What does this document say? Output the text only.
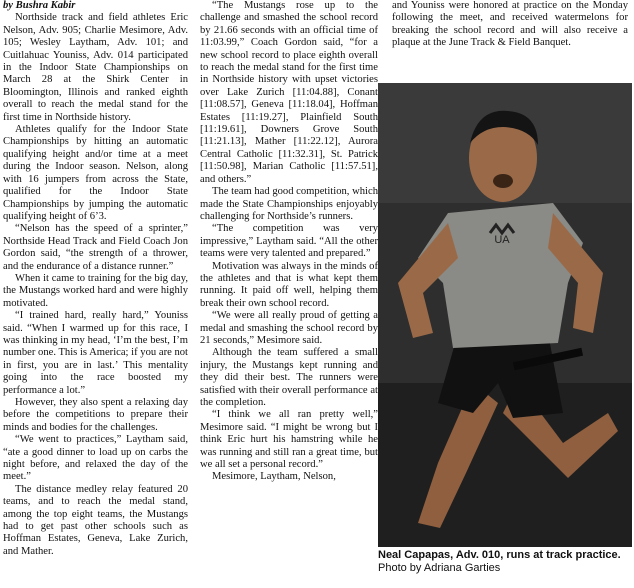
by Bushra Kabir

Northside track and field athletes Eric Nelson, Adv. 905; Charlie Mesimore, Adv. 105; Wesley Laytham, Adv. 101; and Cuitlahuac Youniss, Adv. 014 participated in the Indoor State Championships on March 28 at the Shirk Center in Bloomington, Illinois and ranked eighth overall to reach the medal stand for the first time in Northside history.

Athletes qualify for the Indoor State Championships by hitting an automatic qualifying height and/or time at a meet during the Indoor season. Nelson, along with 16 jumpers from across the State, qualified for the Indoor State Championships by jumping the automatic qualifying height of 6’3.

“Nelson has the speed of a sprinter,” Northside Head Track and Field Coach Jon Gordon said, “the strength of a thrower, and the endurance of a distance runner.”

When it came to training for the big day, the Mustangs worked hard and were highly motivated.

“I trained hard, really hard,” Youniss said. “When I warmed up for this race, I was thinking in my head, ‘I’m the best, I’m number one. This is America; if you are not in first, you are in last.’ This mentality going into the race boosted my performance a lot.”

However, they also spent a relaxing day before the competitions to prepare their minds and bodies for the challenges.

“We went to practices,” Laytham said, “ate a good dinner to load up on carbs the night before, and relaxed the day of the meet.”

The distance medley relay featured 20 teams, and to reach the medal stand, among the top eight teams, the Mustangs had to get past other schools such as Hoffman Estates, Geneva, Lake Zurich, and Mather.

“The Mustangs rose up to the challenge and smashed the school record by 21.66 seconds with an official time of 11:03.99,” Coach Gordon said, “for a new school record to place eighth overall to reach the medal stand for the first time in Northside history with upset victories over Lake Zurich [11:04.88], Conant [11:08.57], Geneva [11:18.04], Hoffman Estates [11:19.27], Plainfield South [11:19.61], Downers Grove South [11:21.13], Mather [11:22.12], Aurora Central Catholic [11:32.31], St. Patrick [11:50.98], Marian Catholic [11:57.51], and others.”

The team had good competition, which made the State Championships enjoyably challenging for Northside’s runners.

“The competition was very impressive,” Laytham said. “All the other teams were very talented and prepared.”

Motivation was always in the minds of the athletes and that is what kept them running. It paid off well, helping them break their own school record.

“We were all really proud of getting a medal and smashing the school record by 21 seconds,” Mesimore said.

Although the team suffered a small injury, the Mustangs kept running and they did their best. The runners were satisfied with their overall performance at the completion.

“I think we all ran pretty well,” Mesimore said. “I might be wrong but I think Eric hurt his hamstring while he was running and still ran a great time, but we all set a personal record.”

Mesimore, Laytham, Nelson,

and Youniss were honored at practice on the Monday following the meet, and received watermelons for breaking the school record and will also receive a plaque at the June Track & Field Banquet.

UA
Neal Capapas, Adv. 010, runs at track practice.
Photo by Adriana Garties
